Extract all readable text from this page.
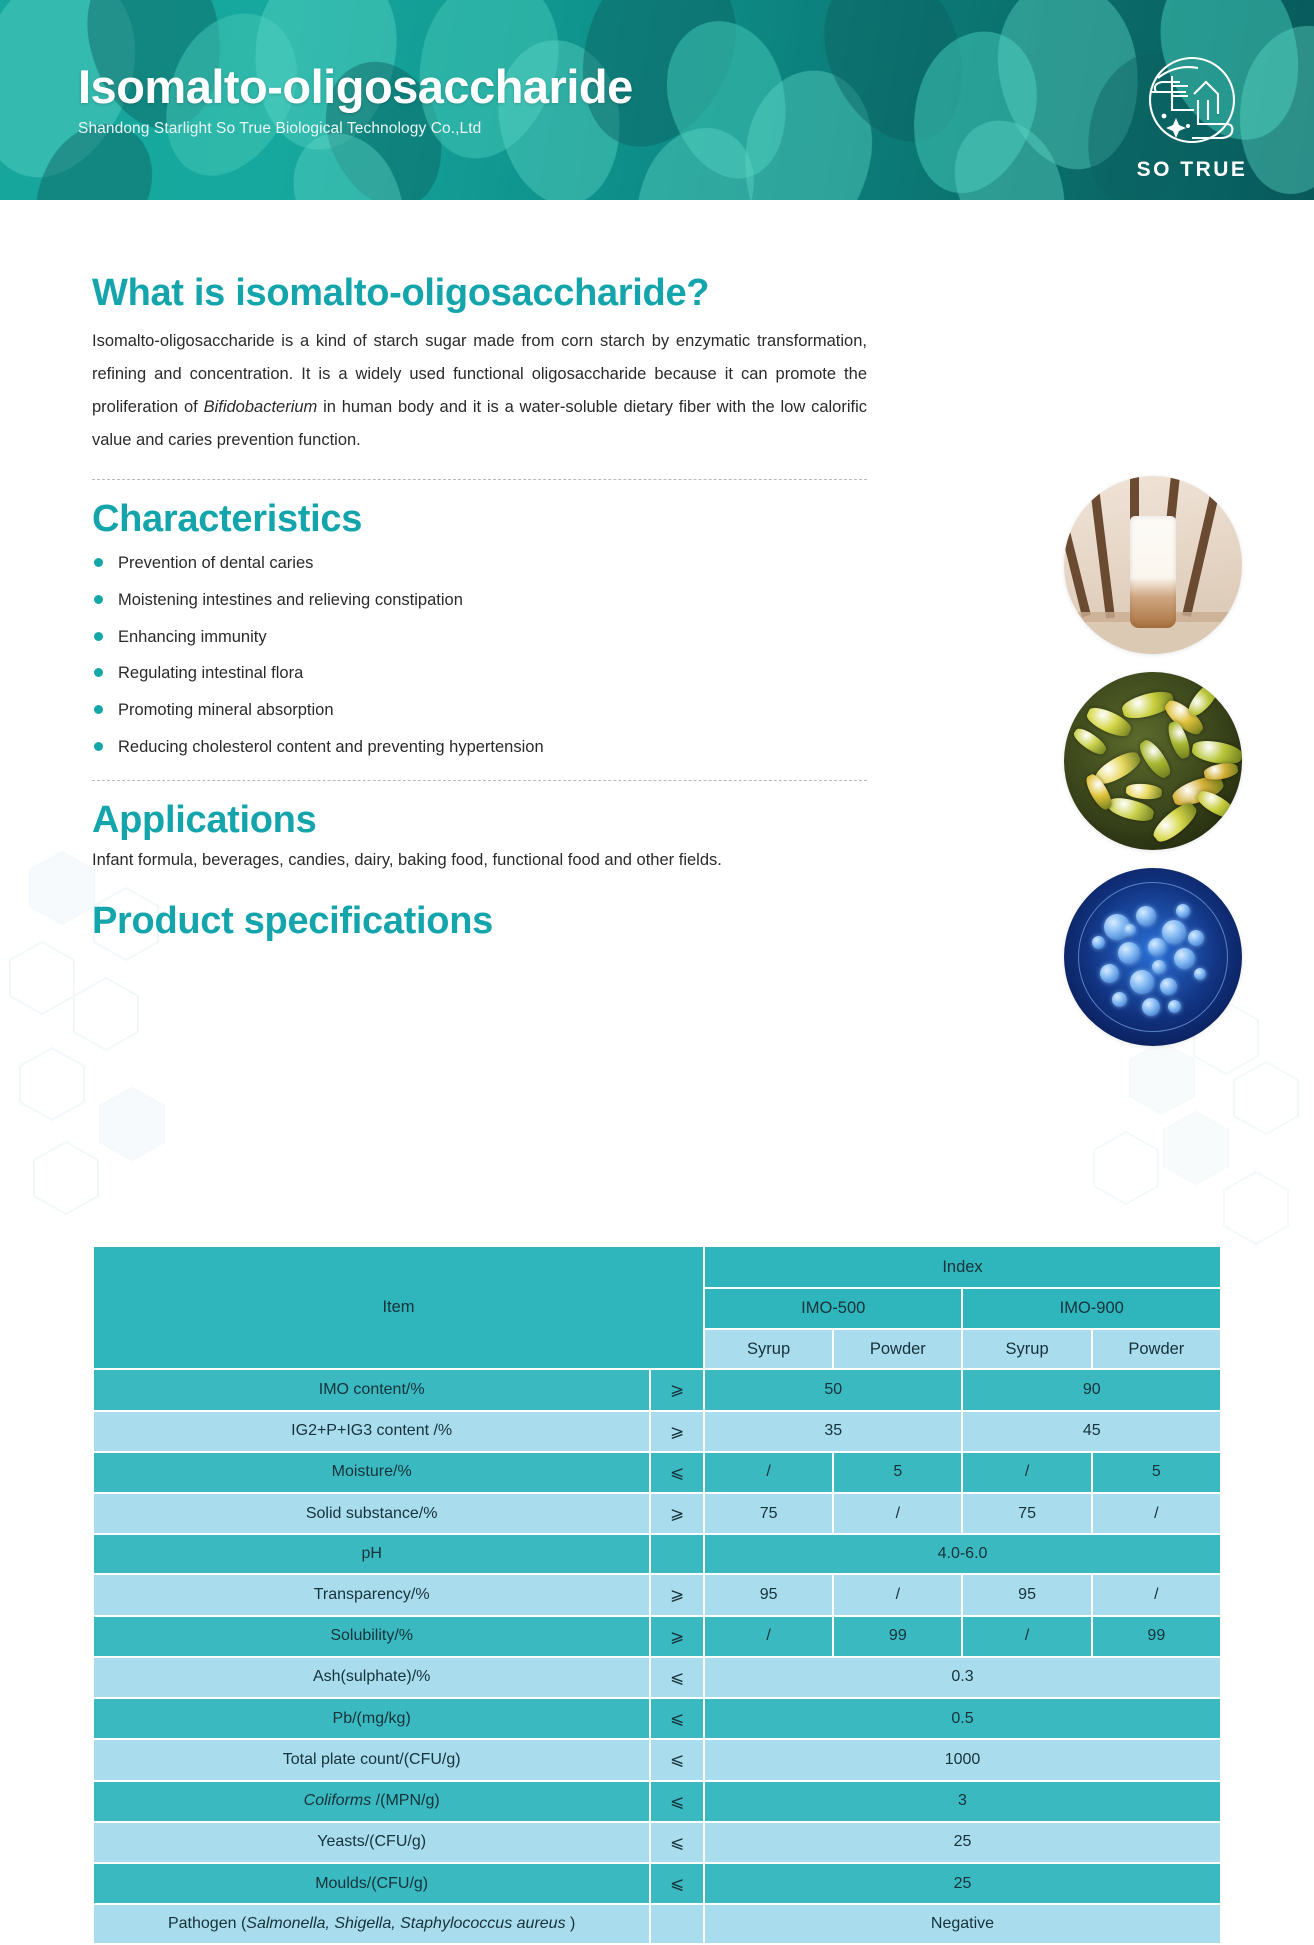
Isomalto-oligosaccharide
Shandong Starlight So True Biological Technology Co.,Ltd
SO TRUE
What is isomalto-oligosaccharide?

Isomalto-oligosaccharide is a kind of starch sugar made from corn starch by enzymatic transformation, refining and concentration. It is a widely used functional oligosaccharide because it can promote the proliferation of Bifidobacterium in human body and it is a water-soluble dietary fiber with the low calorific value and caries prevention function.

Characteristics
Prevention of dental caries
Moistening intestines and relieving constipation
Enhancing immunity
Regulating intestinal flora
Promoting mineral absorption
Reducing cholesterol content and preventing hypertension
Applications

Infant formula, beverages, candies, dairy, baking food, functional food and other fields.

Product specifications
Item		Index			
		IMO-500		IMO-900	
		Syrup	Powder	Syrup	Powder
IMO content/%	⩾	50		90	
IG2+P+IG3 content /%	⩾	35		45	
Moisture/%	⩽	/	5	/	5
Solid substance/%	⩾	75	/	75	/
pH		4.0-6.0			
Transparency/%	⩾	95	/	95	/
Solubility/%	⩾	/	99	/	99
Ash(sulphate)/%	⩽	0.3			
Pb/(mg/kg)	⩽	0.5			
Total plate count/(CFU/g)	⩽	1000			
Coliforms /(MPN/g)	⩽	3			
Yeasts/(CFU/g)	⩽	25			
Moulds/(CFU/g)	⩽	25			
Pathogen (Salmonella, Shigella, Staphylococcus aureus )		Negative			
